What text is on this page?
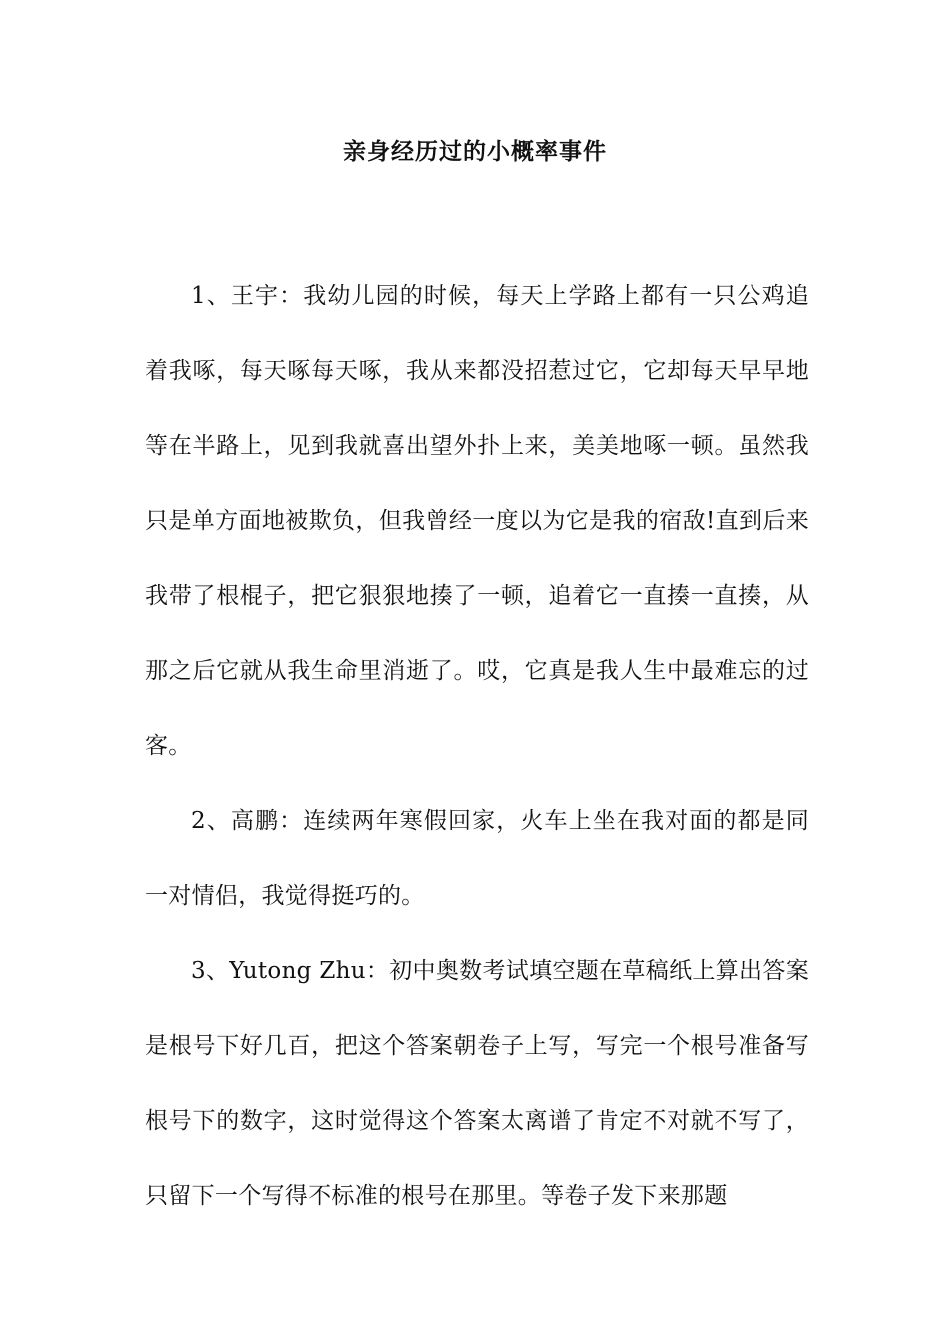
亲身经历过的小概率事件

1、王宇：我幼儿园的时候，每天上学路上都有一只公鸡追着我啄，每天啄每天啄，我从来都没招惹过它，它却每天早早地等在半路上，见到我就喜出望外扑上来，美美地啄一顿。虽然我只是单方面地被欺负，但我曾经一度以为它是我的宿敌!直到后来我带了根棍子，把它狠狠地揍了一顿，追着它一直揍一直揍，从那之后它就从我生命里消逝了。哎，它真是我人生中最难忘的过客。

2、高鹏：连续两年寒假回家，火车上坐在我对面的都是同一对情侣，我觉得挺巧的。

3、Yutong Zhu：初中奥数考试填空题在草稿纸上算出答案是根号下好几百，把这个答案朝卷子上写，写完一个根号准备写根号下的数字，这时觉得这个答案太离谱了肯定不对就不写了，只留下一个写得不标准的根号在那里。等卷子发下来那题
